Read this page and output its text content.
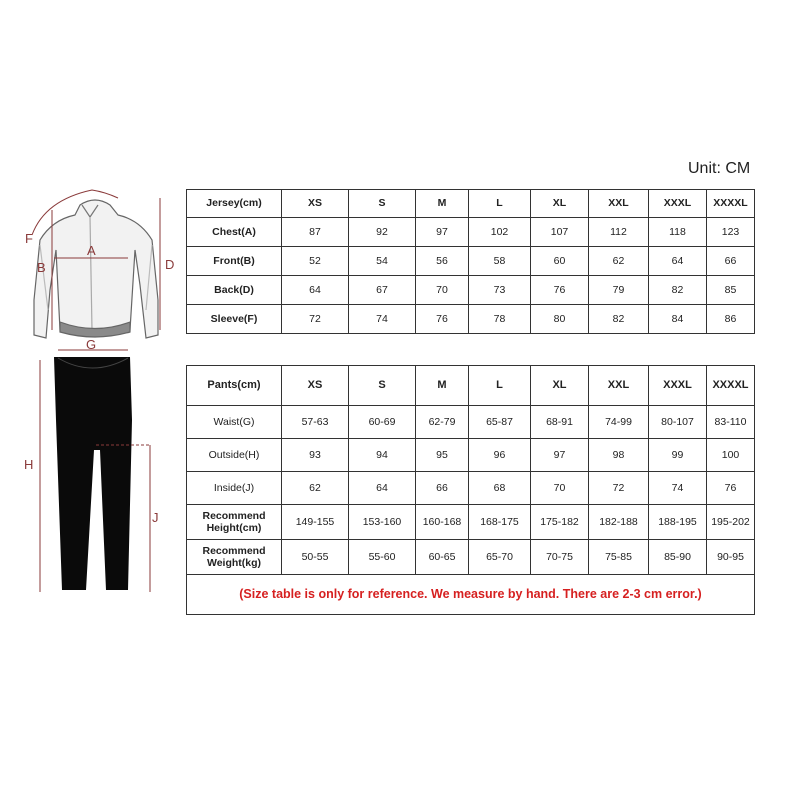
Unit: CM
F
B	D
A
G
H
J
Jersey(cm)	XS	S	M	L	XL	XXL	XXXL	XXXXL
Chest(A)	87	92	97	102	107	112	118	123
Front(B)	52	54	56	58	60	62	64	66
Back(D)	64	67	70	73	76	79	82	85
Sleeve(F)	72	74	76	78	80	82	84	86
Pants(cm)	XS	S	M	L	XL	XXL	XXXL	XXXXL
Waist(G)	57-63	60-69	62-79	65-87	68-91	74-99	80-107	83-110
Outside(H)	93	94	95	96	97	98	99	100
Inside(J)	62	64	66	68	70	72	74	76

Recommend
Height(cm)	149-155	153-160	160-168	168-175	175-182	182-188	188-195	195-202

Recommend
Weight(kg)	50-55	55-60	60-65	65-70	70-75	75-85	85-90	90-95
(Size table is only for reference. We measure by hand. There are 2-3 cm error.)								
